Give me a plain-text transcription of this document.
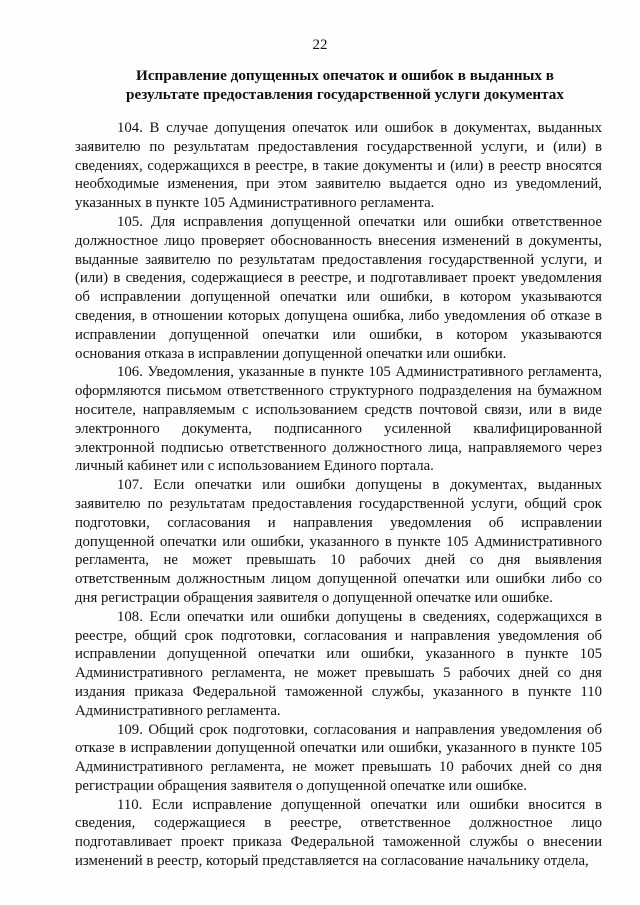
22
Исправление допущенных опечаток и ошибок в выданных в результате предоставления государственной услуги документах

104. В случае допущения опечаток или ошибок в документах, выданных заявителю по результатам предоставления государственной услуги, и (или) в сведениях, содержащихся в реестре, в такие документы и (или) в реестр вносятся необходимые изменения, при этом заявителю выдается одно из уведомлений, указанных в пункте 105 Административного регламента.

105. Для исправления допущенной опечатки или ошибки ответственное должностное лицо проверяет обоснованность внесения изменений в документы, выданные заявителю по результатам предоставления государственной услуги, и (или) в сведения, содержащиеся в реестре, и подготавливает проект уведомления об исправлении допущенной опечатки или ошибки, в котором указываются сведения, в отношении которых допущена ошибка, либо уведомления об отказе в исправлении допущенной опечатки или ошибки, в котором указываются основания отказа в исправлении допущенной опечатки или ошибки.

106. Уведомления, указанные в пункте 105 Административного регламента, оформляются письмом ответственного структурного подразделения на бумажном носителе, направляемым с использованием средств почтовой связи, или в виде электронного документа, подписанного усиленной квалифицированной электронной подписью ответственного должностного лица, направляемого через личный кабинет или с использованием Единого портала.

107. Если опечатки или ошибки допущены в документах, выданных заявителю по результатам предоставления государственной услуги, общий срок подготовки, согласования и направления уведомления об исправлении допущенной опечатки или ошибки, указанного в пункте 105 Административного регламента, не может превышать 10 рабочих дней со дня выявления ответственным должностным лицом допущенной опечатки или ошибки либо со дня регистрации обращения заявителя о допущенной опечатке или ошибке.

108. Если опечатки или ошибки допущены в сведениях, содержащихся в реестре, общий срок подготовки, согласования и направления уведомления об исправлении допущенной опечатки или ошибки, указанного в пункте 105 Административного регламента, не может превышать 5 рабочих дней со дня издания приказа Федеральной таможенной службы, указанного в пункте 110 Административного регламента.

109. Общий срок подготовки, согласования и направления уведомления об отказе в исправлении допущенной опечатки или ошибки, указанного в пункте 105 Административного регламента, не может превышать 10 рабочих дней со дня регистрации обращения заявителя о допущенной опечатке или ошибке.

110. Если исправление допущенной опечатки или ошибки вносится в сведения, содержащиеся в реестре, ответственное должностное лицо подготавливает проект приказа Федеральной таможенной службы о внесении изменений в реестр, который представляется на согласование начальнику отдела,
